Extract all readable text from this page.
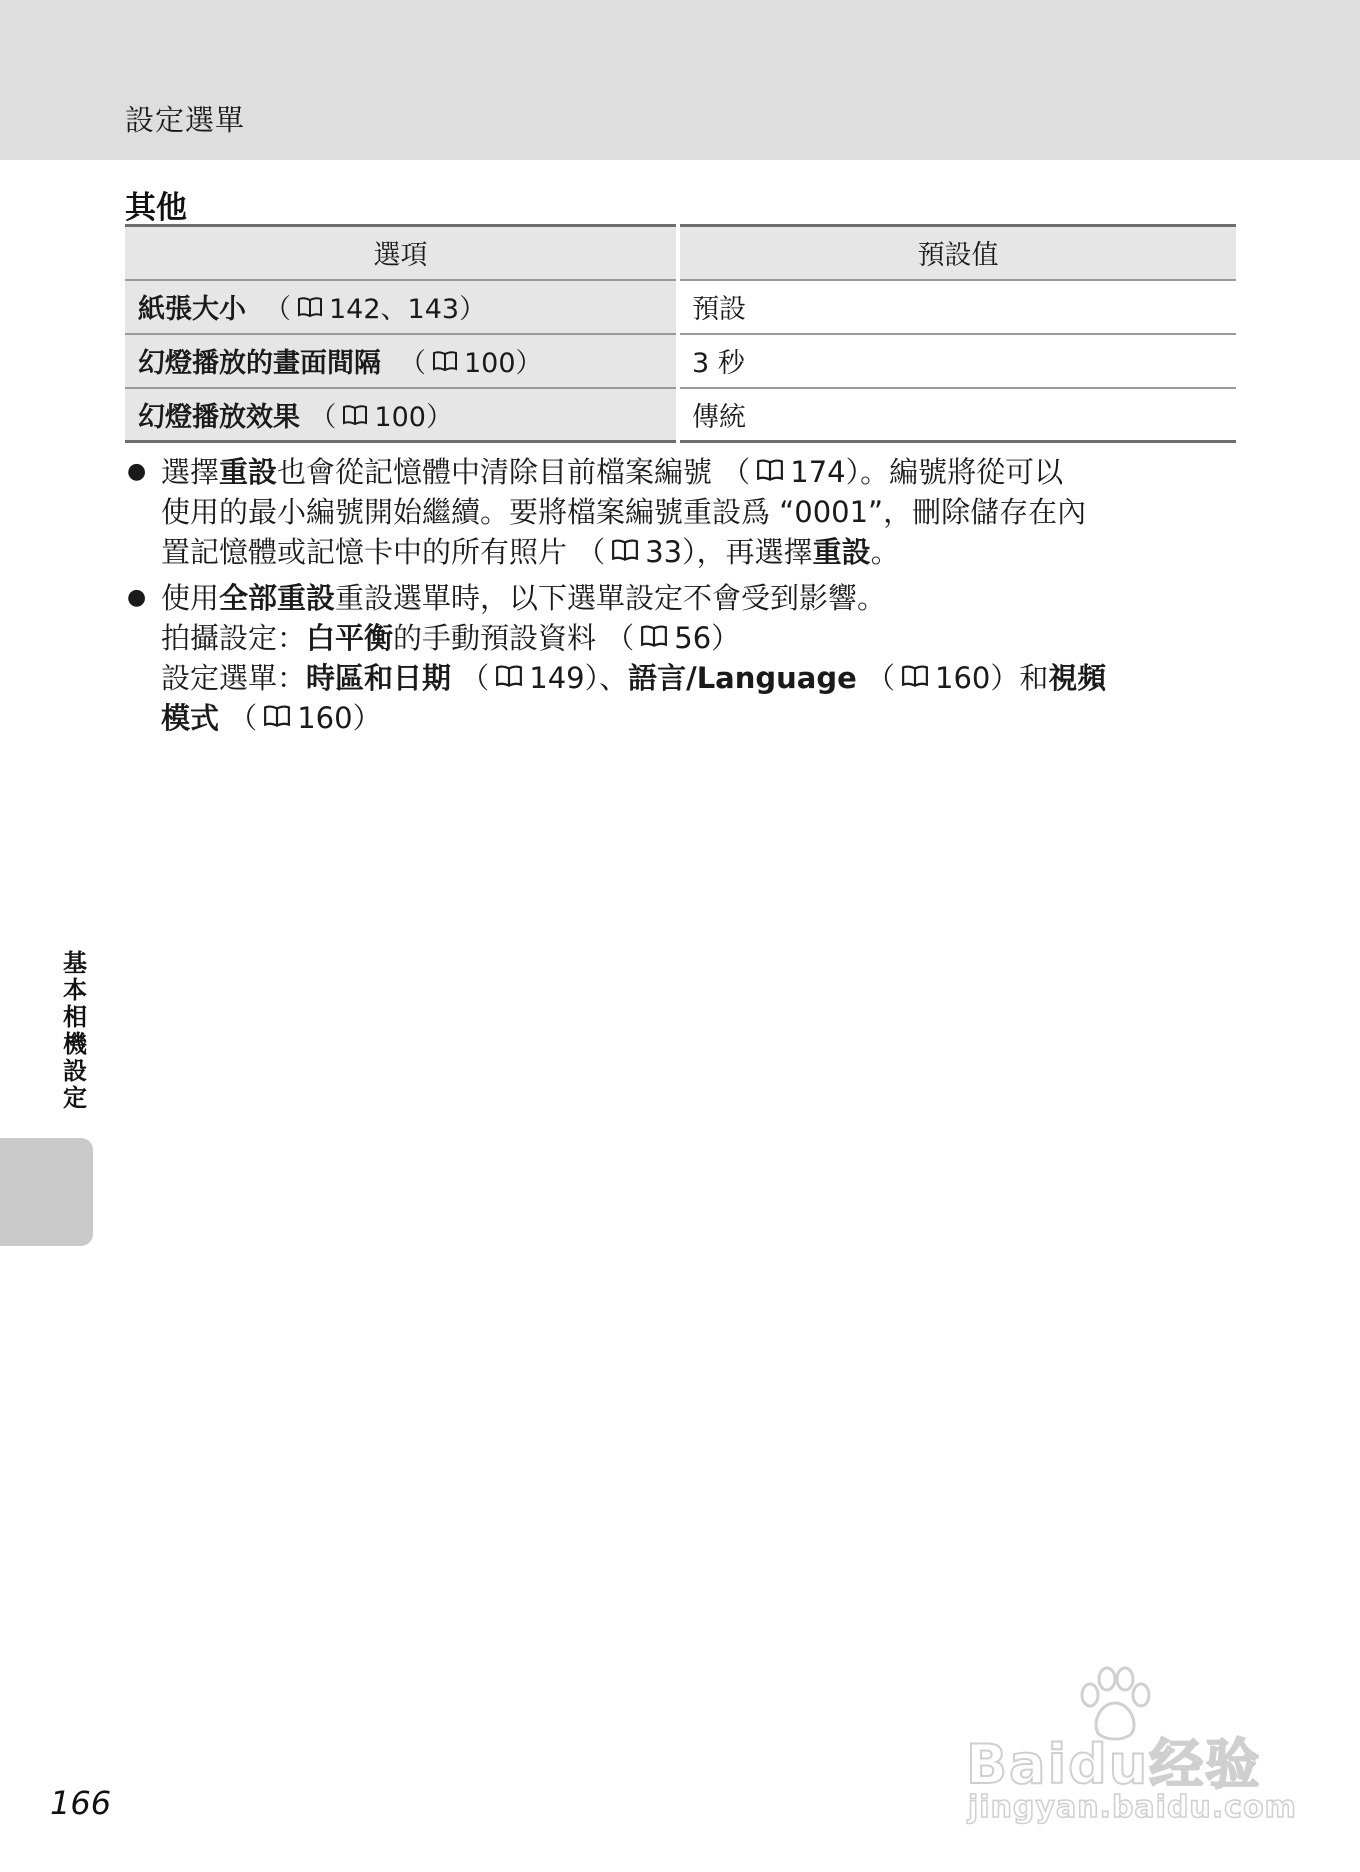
設定選單
其他
選項	預設值
紙張大小  （ 142、143）	預設
幻燈播放的畫面間隔  （ 100）	3 秒
幻燈播放效果 （ 100）	傳統
● 選擇重設也會從記憶體中清除目前檔案編號 （ 174）。編號將從可以
使用的最小編號開始繼續。要將檔案編號重設爲 “0001”，刪除儲存在內
置記憶體或記憶卡中的所有照片 （ 33），再選擇重設。
● 使用全部重設重設選單時，以下選單設定不會受到影響。
拍攝設定：白平衡的手動預設資料 （ 56）
設定選單：時區和日期 （ 149）、語言/Language （ 160）和視頻
模式 （ 160）
基
本
相
機
設
定
166
Baidu经验
jingyan.baidu.com
